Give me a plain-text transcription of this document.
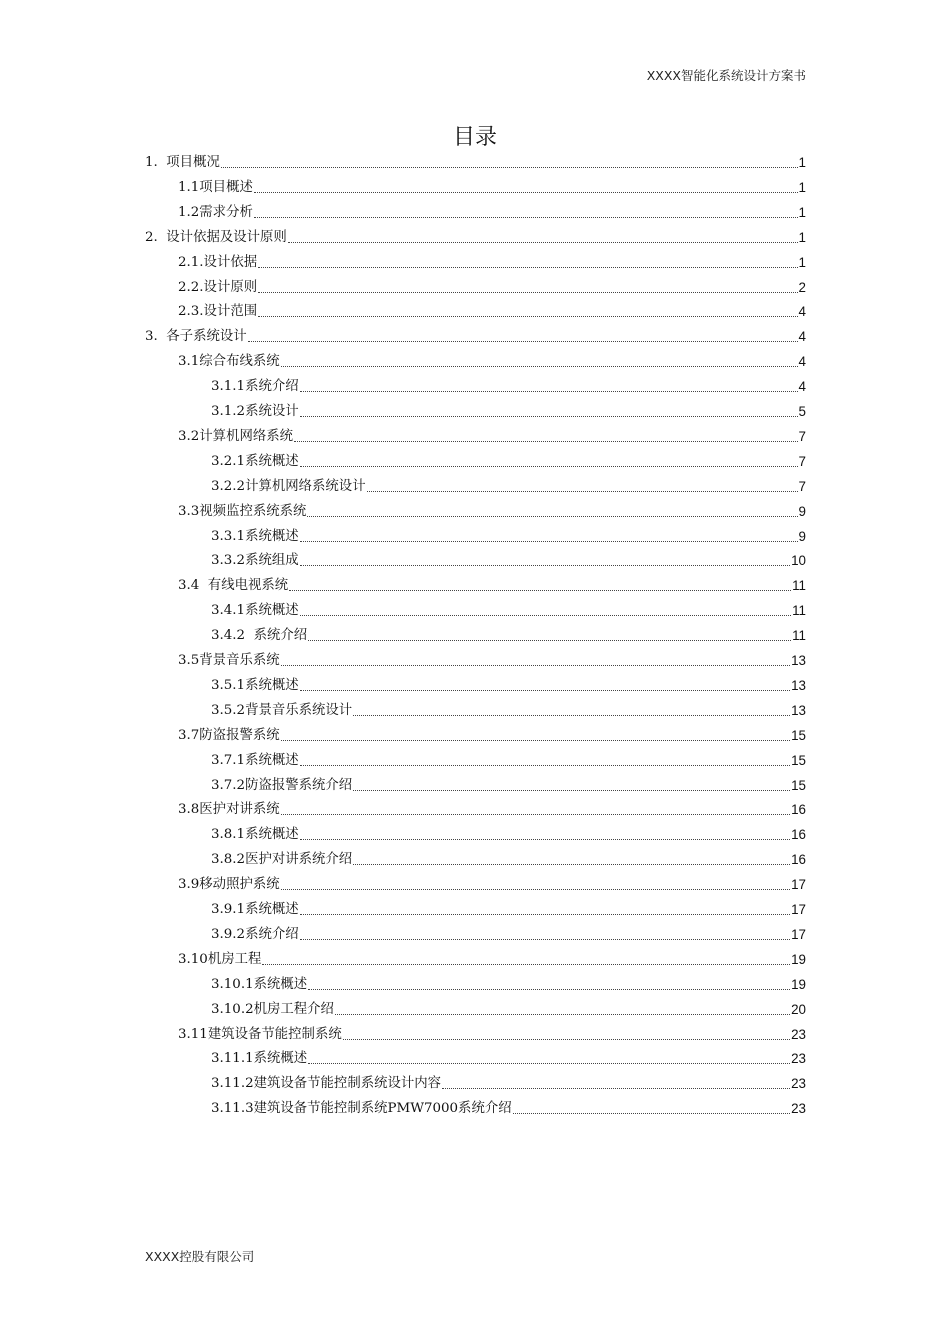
XXXX智能化系统设计方案书
目录
1.  项目概况	1
1.1项目概述	1
1.2需求分析	1
2.  设计依据及设计原则	1
2.1.设计依据	1
2.2.设计原则	2
2.3.设计范围	4
3.  各子系统设计	4
3.1综合布线系统	4
3.1.1系统介绍	4
3.1.2系统设计	5
3.2计算机网络系统	7
3.2.1系统概述	7
3.2.2计算机网络系统设计	7
3.3视频监控系统系统	9
3.3.1系统概述	9
3.3.2系统组成	10
3.4  有线电视系统	11
3.4.1系统概述	11
3.4.2  系统介绍	11
3.5背景音乐系统	13
3.5.1系统概述	13
3.5.2背景音乐系统设计	13
3.7防盗报警系统	15
3.7.1系统概述	15
3.7.2防盗报警系统介绍	15
3.8医护对讲系统	16
3.8.1系统概述	16
3.8.2医护对讲系统介绍	16
3.9移动照护系统	17
3.9.1系统概述	17
3.9.2系统介绍	17
3.10机房工程	19
3.10.1系统概述	19
3.10.2机房工程介绍	20
3.11建筑设备节能控制系统	23
3.11.1系统概述	23
3.11.2建筑设备节能控制系统设计内容	23
3.11.3建筑设备节能控制系统PMW7000系统介绍	23
XXXX控股有限公司
